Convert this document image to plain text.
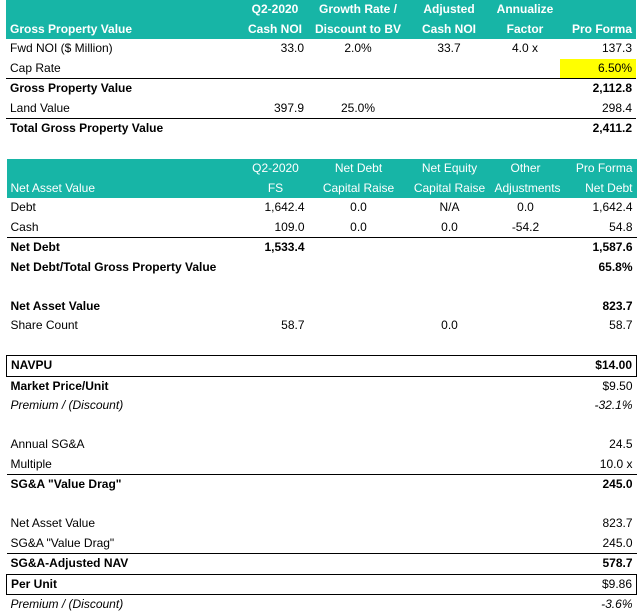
	Q2-2020	Growth Rate /	Adjusted	Annualize	
Gross Property Value	Cash NOI	Discount to BV	Cash NOI	Factor	Pro Forma
Fwd NOI ($ Million)	33.0	2.0%	33.7	4.0 x	137.3
Cap Rate					6.50%
Gross Property Value					2,112.8
Land Value	397.9	25.0%			298.4
Total Gross Property Value					2,411.2
	Q2-2020	Net Debt	Net Equity	Other	Pro Forma
Net Asset Value	FS	Capital Raise	Capital Raise	Adjustments	Net Debt
Debt	1,642.4	0.0	N/A	0.0	1,642.4
Cash	109.0	0.0	0.0	-54.2	54.8
Net Debt	1,533.4				1,587.6
Net Debt/Total Gross Property Value					65.8%

Net Asset Value					823.7
Share Count	58.7		0.0		58.7

NAVPU					$14.00
Market Price/Unit					$9.50
Premium / (Discount)					-32.1%

Annual SG&A					24.5
Multiple					10.0 x
SG&A "Value Drag"					245.0

Net Asset Value					823.7
SG&A "Value Drag"					245.0
SG&A-Adjusted NAV					578.7
Per Unit					$9.86
Premium / (Discount)					-3.6%
